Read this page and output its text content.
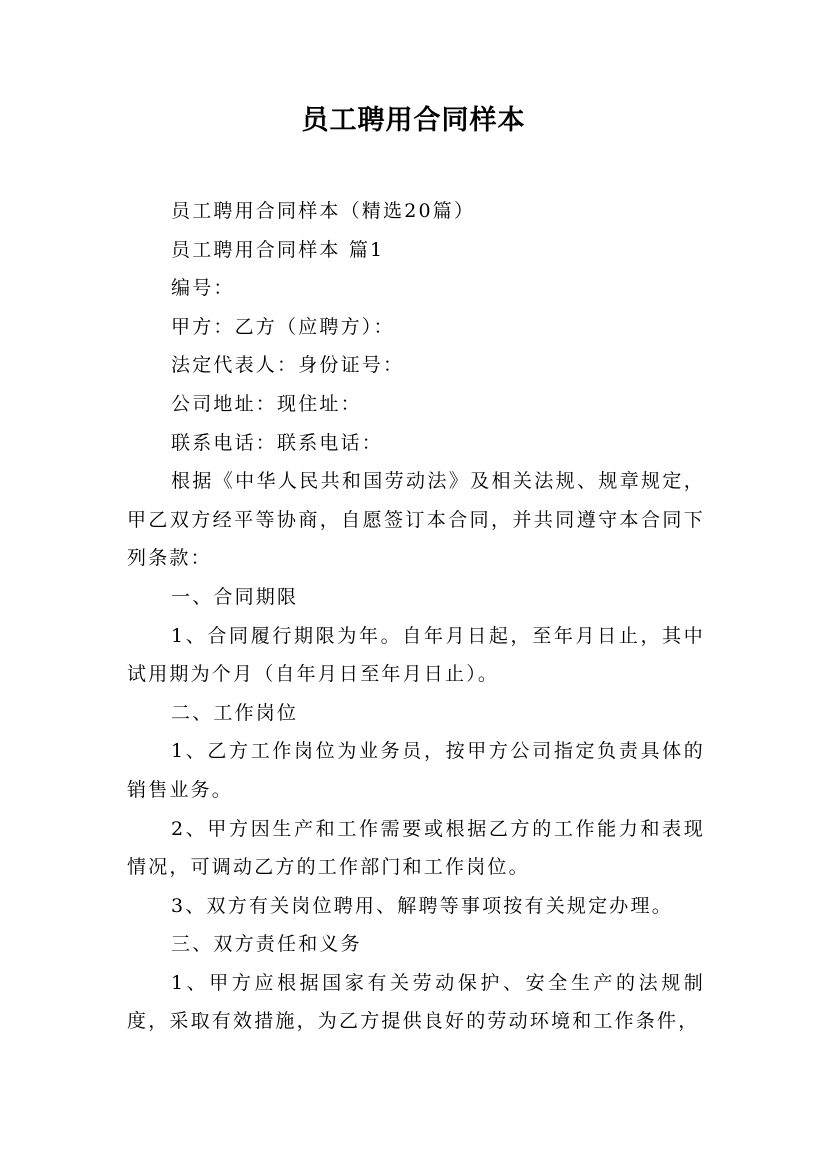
员工聘用合同样本

员工聘用合同样本（精选20篇）

员工聘用合同样本 篇1

编号：

甲方：乙方（应聘方）：

法定代表人：身份证号：

公司地址：现住址：

联系电话：联系电话：

根据《中华人民共和国劳动法》及相关法规、规章规定，甲乙双方经平等协商，自愿签订本合同，并共同遵守本合同下列条款：

一、合同期限

1、合同履行期限为年。自年月日起，至年月日止，其中试用期为个月（自年月日至年月日止）。

二、工作岗位

1、乙方工作岗位为业务员，按甲方公司指定负责具体的销售业务。

2、甲方因生产和工作需要或根据乙方的工作能力和表现情况，可调动乙方的工作部门和工作岗位。

3、双方有关岗位聘用、解聘等事项按有关规定办理。

三、双方责任和义务

1、甲方应根据国家有关劳动保护、安全生产的法规制度，采取有效措施，为乙方提供良好的劳动环境和工作条件，
